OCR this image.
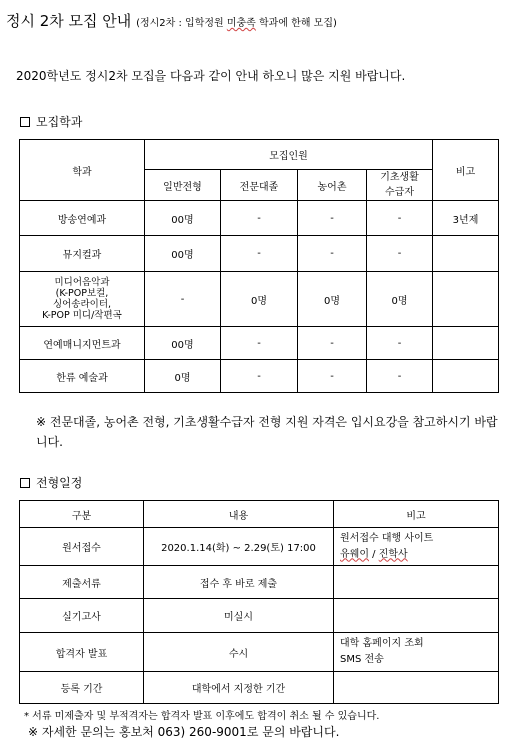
정시 2차 모집 안내 (정시2차 : 입학정원 미충족 학과에 한해 모집)
2020학년도 정시2차 모집을 다음과 같이 안내 하오니 많은 지원 바랍니다.
모집학과
학과	모집인원				비고
	일반전형	전문대졸	농어촌	기초생활
수급자	
방송연예과	00명	-	-	-	3년제
뮤지컬과	00명	-	-	-	
미디어음악과
(K-POP보컬,
싱어송라이터,
K-POP 미디/작편곡	-	0명	0명	0명	
연예매니지먼트과	00명	-	-	-	
한류 예술과	0명	-	-	-	
※ 전문대졸, 농어촌 전형, 기초생활수급자 전형 지원 자격은 입시요강을 참고하시기 바랍니다.
전형일정
구분	내용	비고
원서접수	2020.1.14(화) ~ 2.29(토) 17:00	원서접수 대행 사이트
유웨이 / 진학사
제출서류	접수 후 바로 제출	
실기고사	미실시	
합격자 발표	수시	대학 홈페이지 조회
SMS 전송
등록 기간	대학에서 지정한 기간	
* 서류 미제출자 및 부적격자는 합격자 발표 이후에도 합격이 취소 될 수 있습니다.
※ 자세한 문의는 홍보처 063) 260-9001로 문의 바랍니다.
